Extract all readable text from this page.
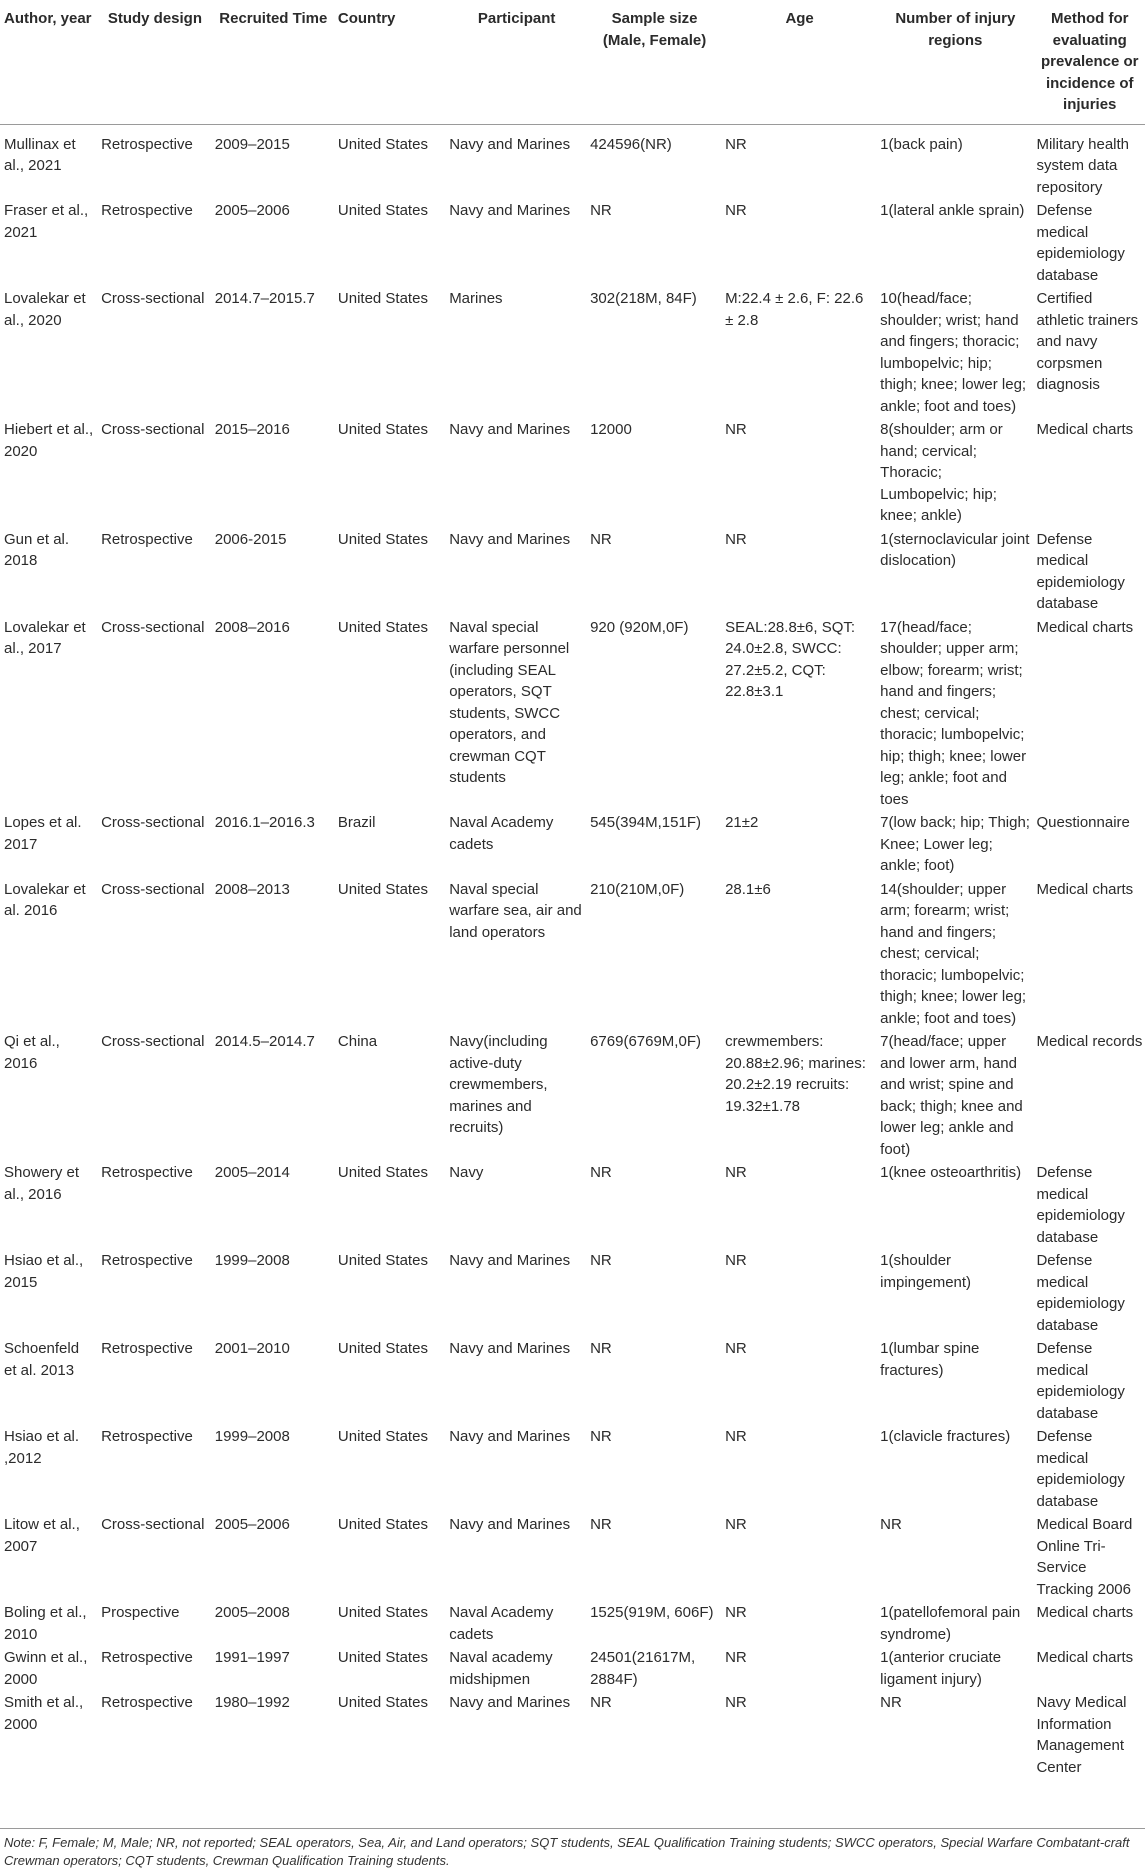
Author, year	Study design	Recruited Time	Country	Participant	Sample size (Male, Female)	Age	Number of injury regions	Method for evaluating prevalence or incidence of injuries
Mullinax et al., 2021	Retrospective	2009–2015	United States	Navy and Marines	424596(NR)	NR	1(back pain)	Military health system data repository
Fraser et al., 2021	Retrospective	2005–2006	United States	Navy and Marines	NR	NR	1(lateral ankle sprain)	Defense medical epidemiology database
Lovalekar et al., 2020	Cross-sectional	2014.7–2015.7	United States	Marines	302(218M, 84F)	M:22.4 ± 2.6, F: 22.6 ± 2.8	10(head/face; shoulder; wrist; hand and fingers; thoracic; lumbopelvic; hip; thigh; knee; lower leg; ankle; foot and toes)	Certified athletic trainers and navy corpsmen diagnosis
Hiebert et al., 2020	Cross-sectional	2015–2016	United States	Navy and Marines	12000	NR	8(shoulder; arm or hand; cervical; Thoracic; Lumbopelvic; hip; knee; ankle)	Medical charts
Gun et al. 2018	Retrospective	2006-2015	United States	Navy and Marines	NR	NR	1(sternoclavicular joint dislocation)	Defense medical epidemiology database
Lovalekar et al., 2017	Cross-sectional	2008–2016	United States	Naval special warfare personnel (including SEAL operators, SQT students, SWCC operators, and crewman CQT students	920 (920M,0F)	SEAL:28.8±6, SQT: 24.0±2.8, SWCC: 27.2±5.2, CQT: 22.8±3.1	17(head/face; shoulder; upper arm; elbow; forearm; wrist; hand and fingers; chest; cervical; thoracic; lumbopelvic; hip; thigh; knee; lower leg; ankle; foot and toes	Medical charts
Lopes et al. 2017	Cross-sectional	2016.1–2016.3	Brazil	Naval Academy cadets	545(394M,151F)	21±2	7(low back; hip; Thigh; Knee; Lower leg; ankle; foot)	Questionnaire
Lovalekar et al. 2016	Cross-sectional	2008–2013	United States	Naval special warfare sea, air and land operators	210(210M,0F)	28.1±6	14(shoulder; upper arm; forearm; wrist; hand and fingers; chest; cervical; thoracic; lumbopelvic; thigh; knee; lower leg; ankle; foot and toes)	Medical charts
Qi et al., 2016	Cross-sectional	2014.5–2014.7	China	Navy(including active-duty crewmembers, marines and recruits)	6769(6769M,0F)	crewmembers: 20.88±2.96; marines: 20.2±2.19 recruits: 19.32±1.78	7(head/face; upper and lower arm, hand and wrist; spine and back; thigh; knee and lower leg; ankle and foot)	Medical records
Showery et al., 2016	Retrospective	2005–2014	United States	Navy	NR	NR	1(knee osteoarthritis)	Defense medical epidemiology database
Hsiao et al., 2015	Retrospective	1999–2008	United States	Navy and Marines	NR	NR	1(shoulder impingement)	Defense medical epidemiology database
Schoenfeld et al. 2013	Retrospective	2001–2010	United States	Navy and Marines	NR	NR	1(lumbar spine fractures)	Defense medical epidemiology database
Hsiao et al. ,2012	Retrospective	1999–2008	United States	Navy and Marines	NR	NR	1(clavicle fractures)	Defense medical epidemiology database
Litow et al., 2007	Cross-sectional	2005–2006	United States	Navy and Marines	NR	NR	NR	Medical Board Online Tri-Service Tracking 2006
Boling et al., 2010	Prospective	2005–2008	United States	Naval Academy cadets	1525(919M, 606F)	NR	1(patellofemoral pain syndrome)	Medical charts
Gwinn et al., 2000	Retrospective	1991–1997	United States	Naval academy midshipmen	24501(21617M, 2884F)	NR	1(anterior cruciate ligament injury)	Medical charts
Smith et al., 2000	Retrospective	1980–1992	United States	Navy and Marines	NR	NR	NR	Navy Medical Information Management Center
Note: F, Female; M, Male; NR, not reported; SEAL operators, Sea, Air, and Land operators; SQT students, SEAL Qualification Training students; SWCC operators, Special Warfare Combatant-craft Crewman operators; CQT students, Crewman Qualification Training students.
